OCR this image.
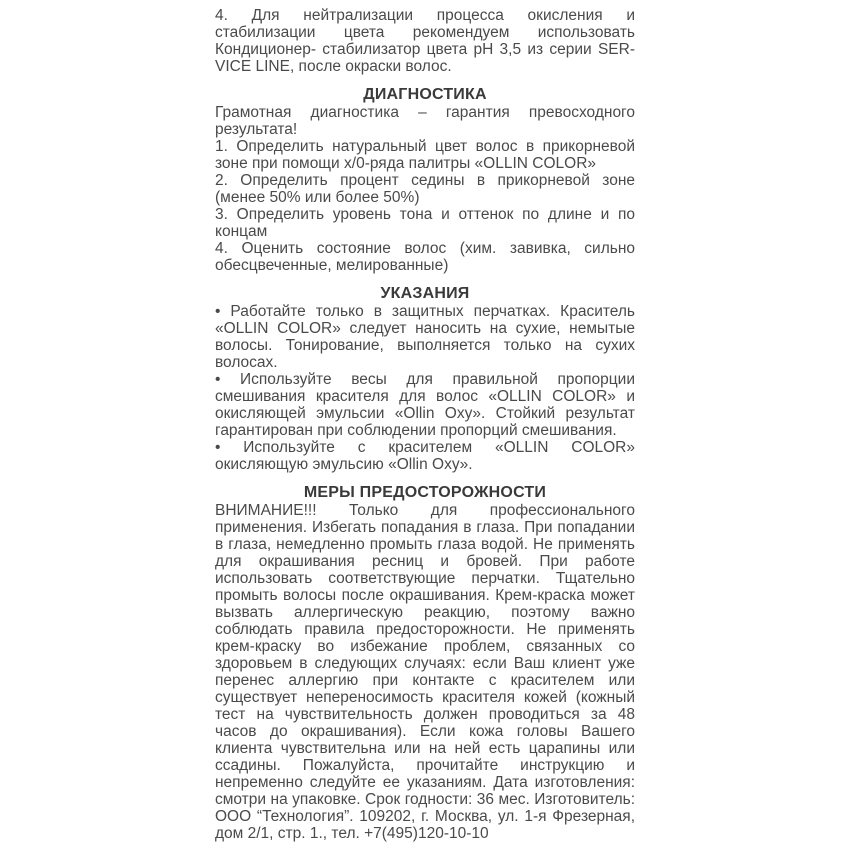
4. Для нейтрализации процесса окисления и стабилизации цвета рекомендуем использовать Кондиционер- стабилизатор цвета pH 3,5 из серии SER-VICE LINE, после окраски волос.

ДИАГНОСТИКА

Грамотная диагностика – гарантия превосходного результата!

1. Определить натуральный цвет волос в прикорневой зоне при помощи х/0-ряда палитры «OLLIN COLOR»

2. Определить процент седины в прикорневой зоне (менее 50% или более 50%)

3. Определить уровень тона и оттенок по длине и по концам

4. Оценить состояние волос (хим. завивка, сильно обесцвеченные, мелированные)

УКАЗАНИЯ

• Работайте только в защитных перчатках. Краситель «OLLIN COLOR» следует наносить на сухие, немытые волосы. Тонирование, выполняется только на сухих волосах.

• Используйте весы для правильной пропорции смешивания красителя для волос «OLLIN COLOR» и окисляющей эмульсии «Ollin Oxy». Стойкий результат гарантирован при соблюдении пропорций смешивания.

• Используйте с красителем «OLLIN COLOR» окисляющую эмульсию «Ollin Oxy».

МЕРЫ ПРЕДОСТОРОЖНОСТИ

ВНИМАНИЕ!!! Только для профессионального применения. Избегать попадания в глаза. При попадании в глаза, немедленно промыть глаза водой. Не применять для окрашивания ресниц и бровей. При работе использовать соответствующие перчатки. Тщательно промыть волосы после окрашивания. Крем-краска может вызвать аллергическую реакцию, поэтому важно соблюдать правила предосторожности. Не применять крем-краску во избежание проблем, связанных со здоровьем в следующих случаях: если Ваш клиент уже перенес аллергию при контакте с красителем или существует непереносимость красителя кожей (кожный тест на чувствительность должен проводиться за 48 часов до окрашивания). Если кожа головы Вашего клиента чувствительна или на ней есть царапины или ссадины. Пожалуйста, прочитайте инструкцию и непременно следуйте ее указаниям. Дата изготовления: смотри на упаковке. Срок годности: 36 мес. Изготовитель: ООО “Технология”. 109202, г. Москва, ул. 1-я Фрезерная, дом 2/1, стр. 1., тел. +7(495)120-10-10
